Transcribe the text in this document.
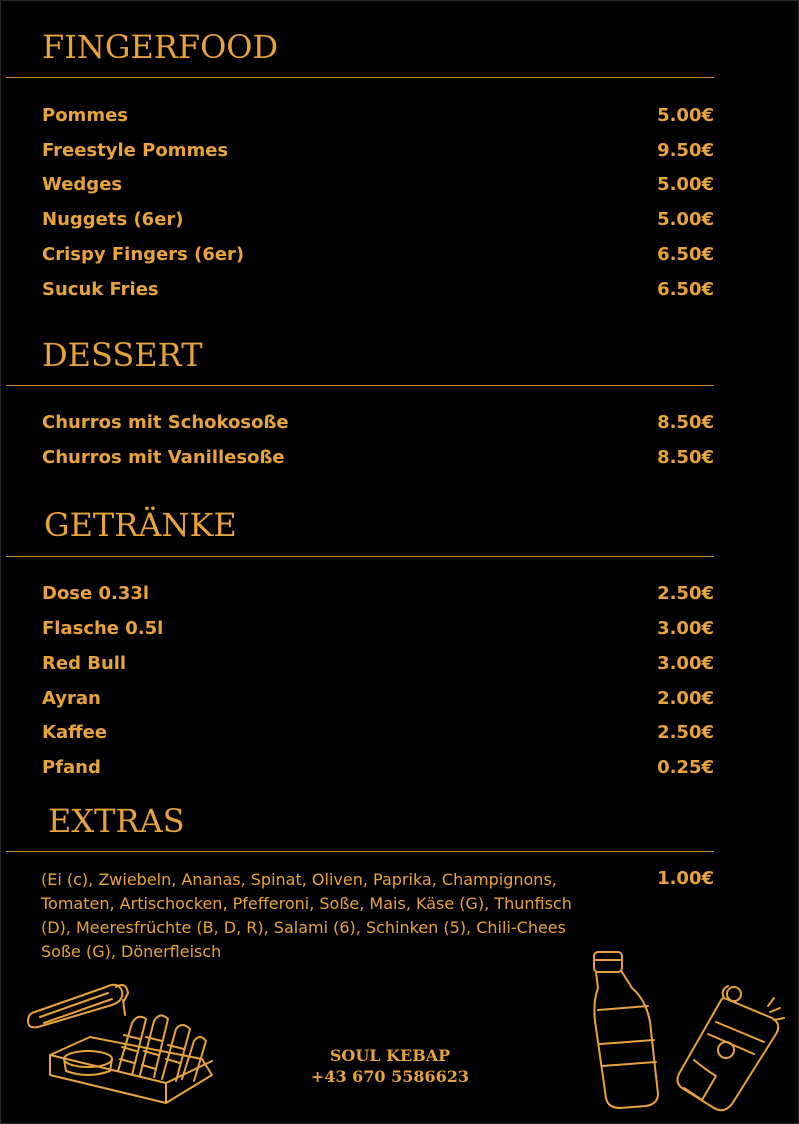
FINGERFOOD
Pommes	5.00€
Freestyle Pommes	9.50€
Wedges	5.00€
Nuggets (6er)	5.00€
Crispy Fingers (6er)	6.50€
Sucuk Fries	6.50€
DESSERT
Churros mit Schokosoße	8.50€
Churros mit Vanillesoße	8.50€
GETRÄNKE
Dose 0.33l	2.50€
Flasche 0.5l	3.00€
Red Bull	3.00€
Ayran	2.00€
Kaffee	2.50€
Pfand	0.25€
EXTRAS
(Ei (c), Zwiebeln, Ananas, Spinat, Oliven, Paprika, Champignons, Tomaten, Artischocken, Pfefferoni, Soße, Mais, Käse (G), Thunfisch (D), Meeresfrüchte (B, D, R), Salami (6), Schinken (5), Chili-Chees Soße (G), Dönerfleisch
1.00€
SOUL KEBAP
+43 670 5586623
